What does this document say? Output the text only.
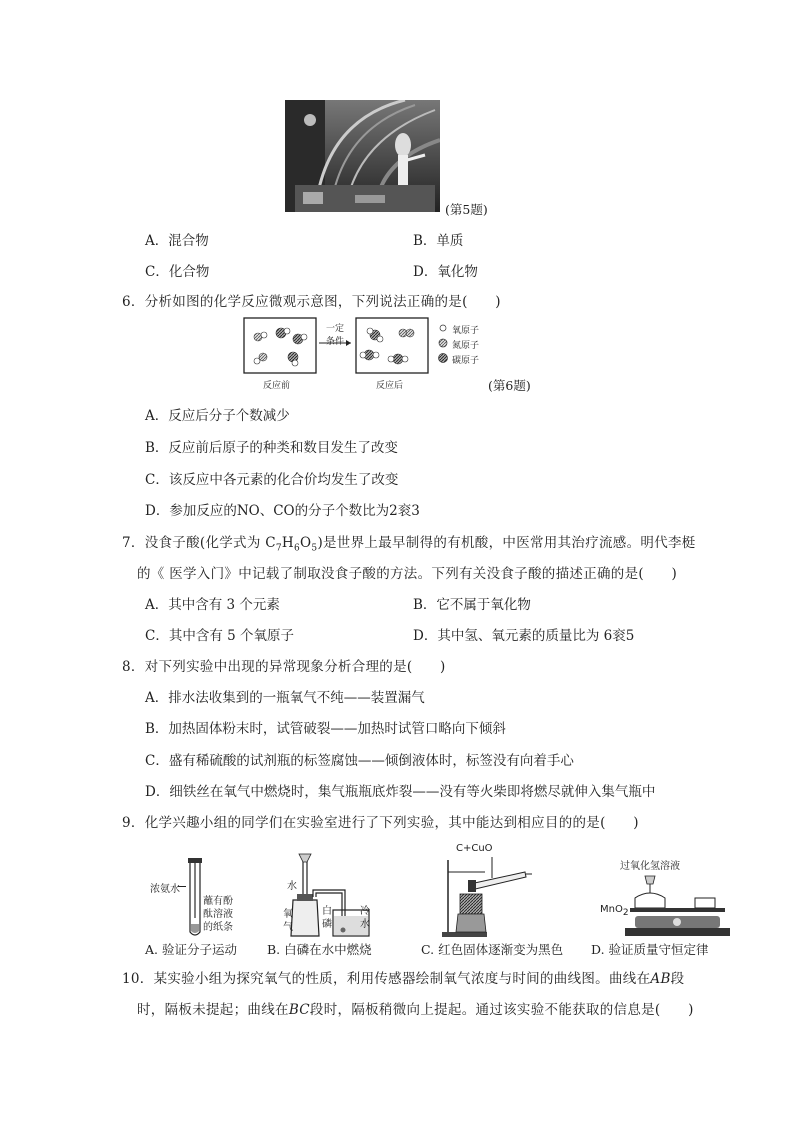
(第5题)
A．混合物	B．单质
C．化合物	D．氧化物
6．分析如图的化学反应微观示意图，下列说法正确的是(　　)
一定
条件
氧原子
氮原子
碳原子
反应前	反应后	(第6题)
A．反应后分子个数减少
B．反应前后原子的种类和数目发生了改变
C．该反应中各元素的化合价均发生了改变
D．参加反应的NO、CO的分子个数比为2衮3
7．没食子酸(化学式为 $C_7H_6O_5$)是世界上最早制得的有机酸，中医常用其治疗流感。明代李梃
的《 医学入门》中记载了制取没食子酸的方法。下列有关没食子酸的描述正确的是(　　)
A．其中含有 3 个元素	B．它不属于氧化物
C．其中含有 5 个氧原子	D．其中氢、氧元素的质量比为 6衮5
8．对下列实验中出现的异常现象分析合理的是(　　)
A．排水法收集到的一瓶氧气不纯——装置漏气
B．加热固体粉末时，试管破裂——加热时试管口略向下倾斜
C．盛有稀硫酸的试剂瓶的标签腐蚀——倾倒液体时，标签没有向着手心
D．细铁丝在氧气中燃烧时，集气瓶瓶底炸裂——没有等火柴即将燃尽就伸入集气瓶中
9．化学兴趣小组的同学们在实验室进行了下列实验，其中能达到相应目的的是(　　)
浓氨水
蘸有酚
酞溶液
的纸条
水
氧
气
白
磷
冷
水
C+CuO
过氧化氢溶液
MnO$_2$
A. 验证分子运动 B. 白磷在水中燃烧	C. 红色固体逐渐变为黑色 D. 验证质量守恒定律
10．某实验小组为探究氧气的性质，利用传感器绘制氧气浓度与时间的曲线图。曲线在AB段
时，隔板未提起；曲线在BC段时，隔板稍微向上提起。通过该实验不能获取的信息是(　　)
